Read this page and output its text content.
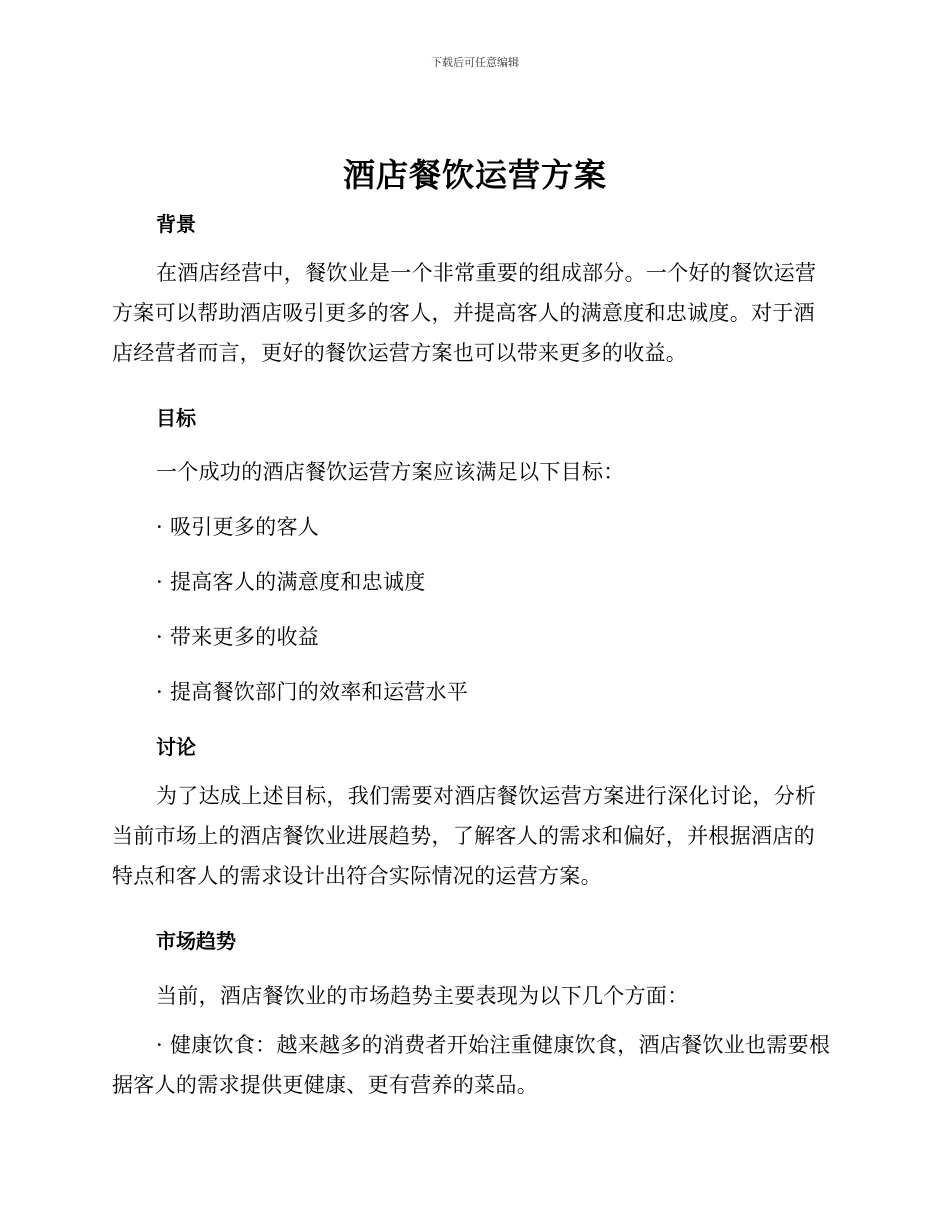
下载后可任意编辑
酒店餐饮运营方案
背景

在酒店经营中，餐饮业是一个非常重要的组成部分。一个好的餐饮运营方案可以帮助酒店吸引更多的客人，并提高客人的满意度和忠诚度。对于酒店经营者而言，更好的餐饮运营方案也可以带来更多的收益。

目标
一个成功的酒店餐饮运营方案应该满足以下目标：
· 吸引更多的客人
· 提高客人的满意度和忠诚度
· 带来更多的收益
· 提高餐饮部门的效率和运营水平
讨论

为了达成上述目标，我们需要对酒店餐饮运营方案进行深化讨论，分析当前市场上的酒店餐饮业进展趋势，了解客人的需求和偏好，并根据酒店的特点和客人的需求设计出符合实际情况的运营方案。

市场趋势
当前，酒店餐饮业的市场趋势主要表现为以下几个方面：

· 健康饮食：越来越多的消费者开始注重健康饮食，酒店餐饮业也需要根据客人的需求提供更健康、更有营养的菜品。
